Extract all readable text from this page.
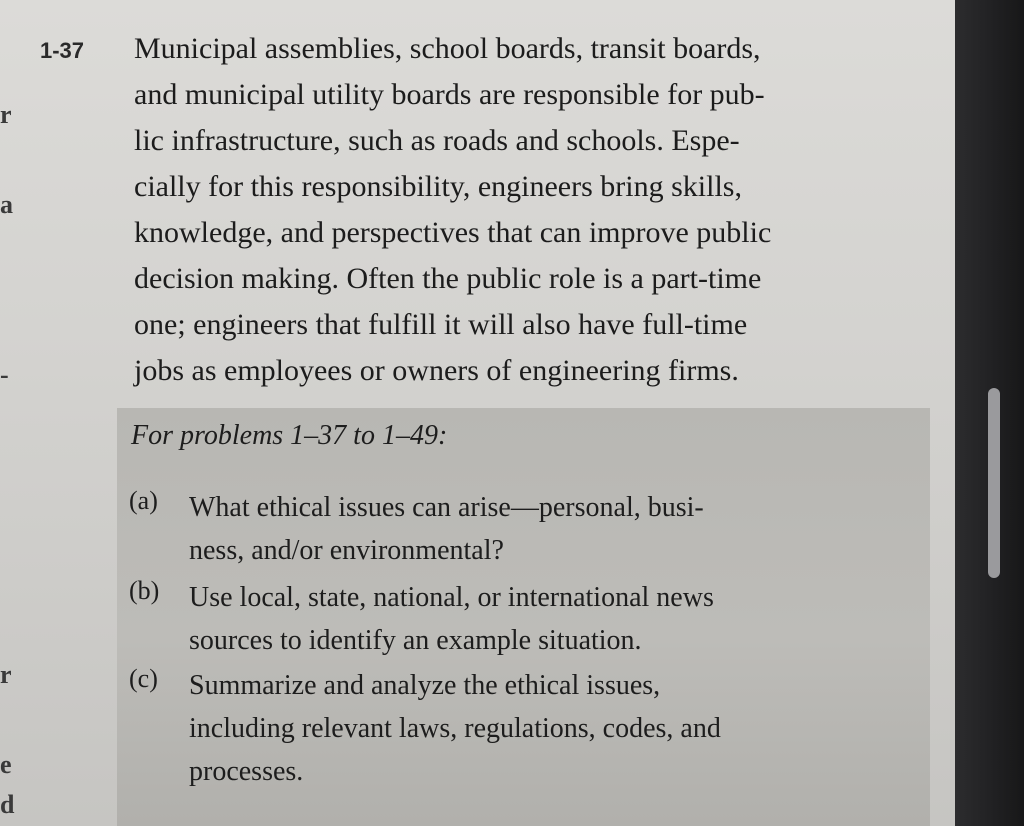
r
a
-
r
e
d
1-37 Municipal assemblies, school boards, transit boards,
and municipal utility boards are responsible for pub-
lic infrastructure, such as roads and schools. Espe-
cially for this responsibility, engineers bring skills,
knowledge, and perspectives that can improve public
decision making. Often the public role is a part-time
one; engineers that fulfill it will also have full-time
jobs as employees or owners of engineering firms.
For problems 1–37 to 1–49:
(a) What ethical issues can arise—personal, busi-
ness, and/or environmental?
(b) Use local, state, national, or international news
sources to identify an example situation.
(c) Summarize and analyze the ethical issues,
including relevant laws, regulations, codes, and
processes.
